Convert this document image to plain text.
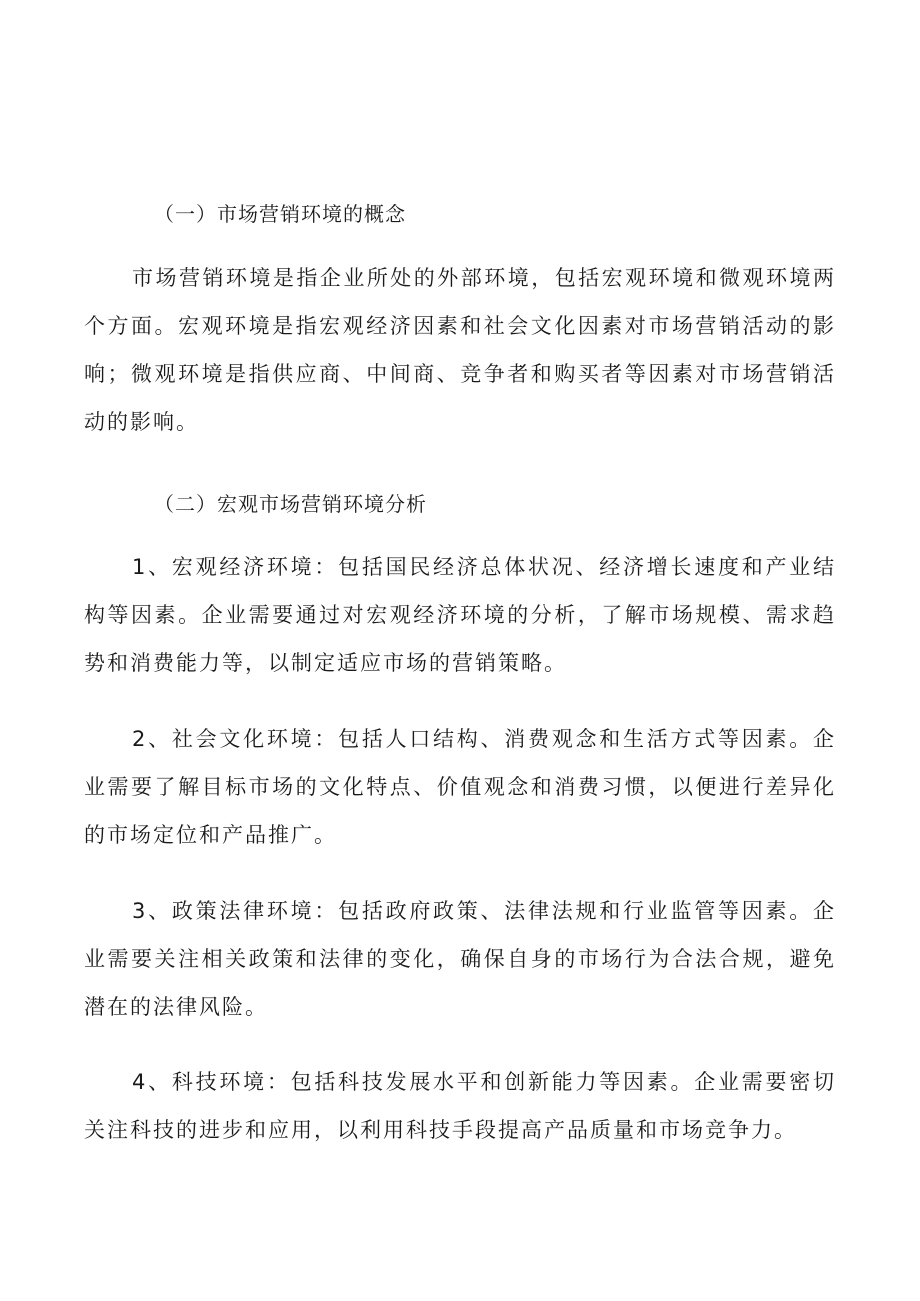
（一）市场营销环境的概念

市场营销环境是指企业所处的外部环境，包括宏观环境和微观环境两个方面。宏观环境是指宏观经济因素和社会文化因素对市场营销活动的影响；微观环境是指供应商、中间商、竞争者和购买者等因素对市场营销活动的影响。

（二）宏观市场营销环境分析

1、宏观经济环境：包括国民经济总体状况、经济增长速度和产业结构等因素。企业需要通过对宏观经济环境的分析，了解市场规模、需求趋势和消费能力等，以制定适应市场的营销策略。

2、社会文化环境：包括人口结构、消费观念和生活方式等因素。企业需要了解目标市场的文化特点、价值观念和消费习惯，以便进行差异化的市场定位和产品推广。

3、政策法律环境：包括政府政策、法律法规和行业监管等因素。企业需要关注相关政策和法律的变化，确保自身的市场行为合法合规，避免潜在的法律风险。

4、科技环境：包括科技发展水平和创新能力等因素。企业需要密切关注科技的进步和应用，以利用科技手段提高产品质量和市场竞争力。
